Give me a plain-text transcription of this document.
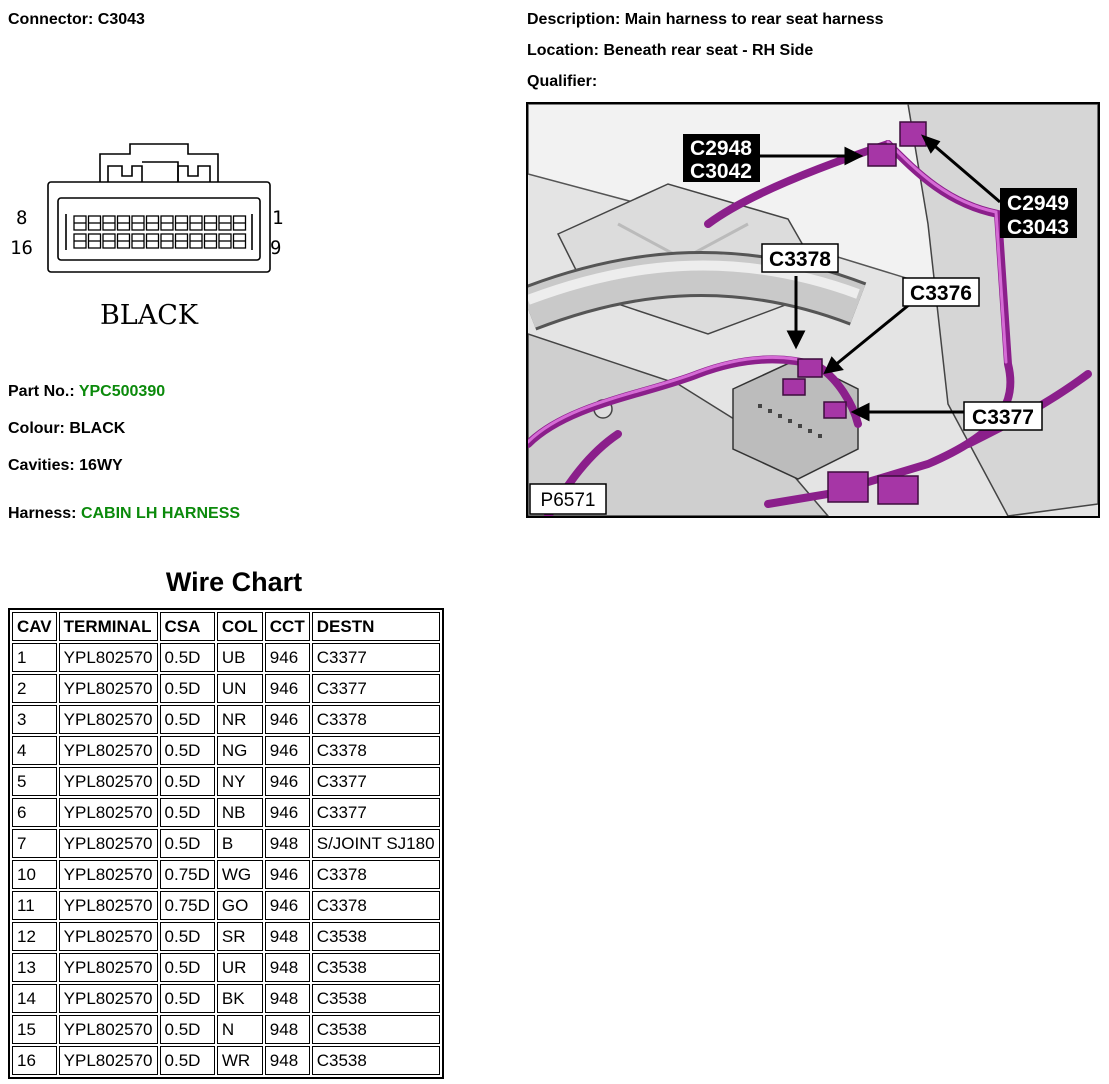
Connector: C3043	Description: Main harness to rear seat harness
Location: Beneath rear seat - RH Side
Qualifier:
8
16
1
9
BLACK
Part No.: YPC500390
Colour: BLACK
Cavities: 16WY
Harness: CABIN LH HARNESS
C2948
C3042
C2949
C3043
C3378
C3376
C3377
P6571
Wire Chart
CAV	TERMINAL	CSA	COL	CCT	DESTN
1	YPL802570	0.5D	UB	946	C3377
2	YPL802570	0.5D	UN	946	C3377
3	YPL802570	0.5D	NR	946	C3378
4	YPL802570	0.5D	NG	946	C3378
5	YPL802570	0.5D	NY	946	C3377
6	YPL802570	0.5D	NB	946	C3377
7	YPL802570	0.5D	B	948	S/JOINT SJ180
10	YPL802570	0.75D	WG	946	C3378
11	YPL802570	0.75D	GO	946	C3378
12	YPL802570	0.5D	SR	948	C3538
13	YPL802570	0.5D	UR	948	C3538
14	YPL802570	0.5D	BK	948	C3538
15	YPL802570	0.5D	N	948	C3538
16	YPL802570	0.5D	WR	948	C3538
